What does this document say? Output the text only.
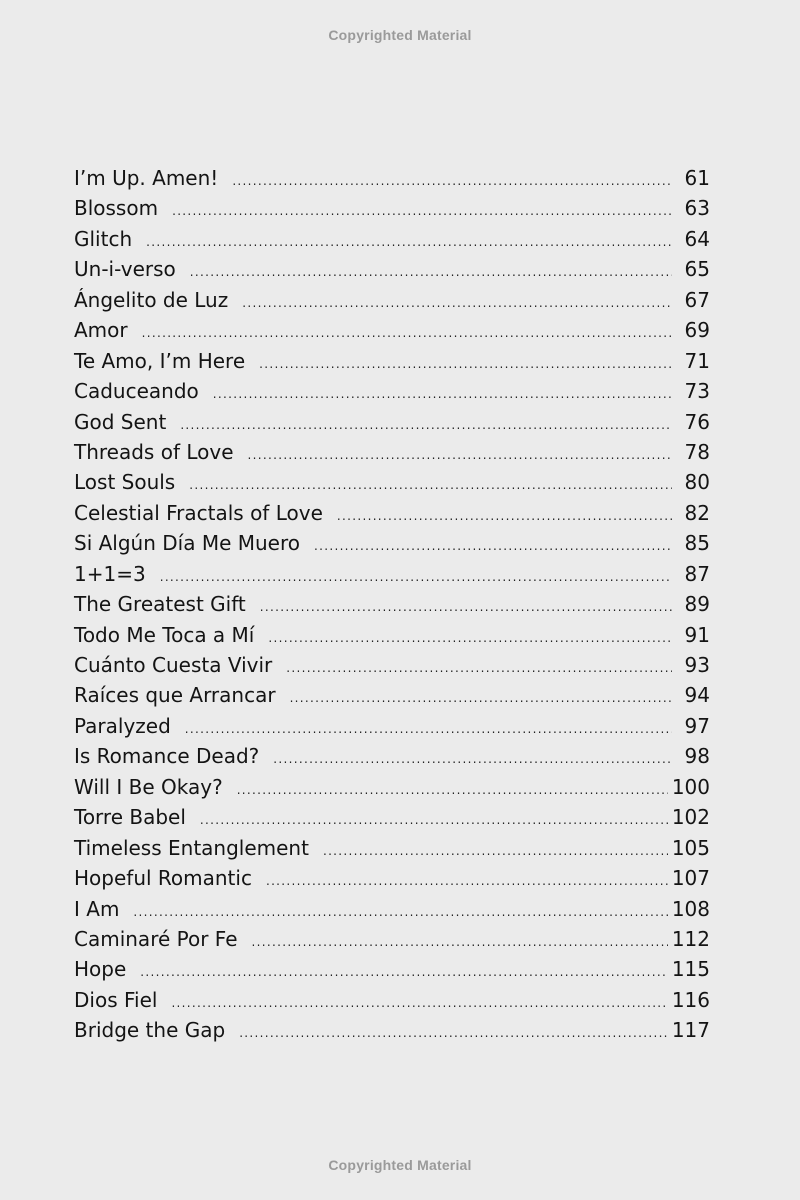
Copyrighted Material
I’m Up. Amen! .....	61
Blossom .....	63
Glitch .....	64
Un-i-verso .....	65
Ángelito de Luz .....	67
Amor .....	69
Te Amo, I’m Here .....	71
Caduceando .....	73
God Sent .....	76
Threads of Love .....	78
Lost Souls .....	80
Celestial Fractals of Love .....	82
Si Algún Día Me Muero .....	85
1+1=3 .....	87
The Greatest Gift .....	89
Todo Me Toca a Mí .....	91
Cuánto Cuesta Vivir .....	93
Raíces que Arrancar .....	94
Paralyzed .....	97
Is Romance Dead? .....	98
Will I Be Okay? .....	100
Torre Babel .....	102
Timeless Entanglement .....	105
Hopeful Romantic .....	107
I Am .....	108
Caminaré Por Fe .....	112
Hope .....	115
Dios Fiel .....	116
Bridge the Gap .....	117
Copyrighted Material
